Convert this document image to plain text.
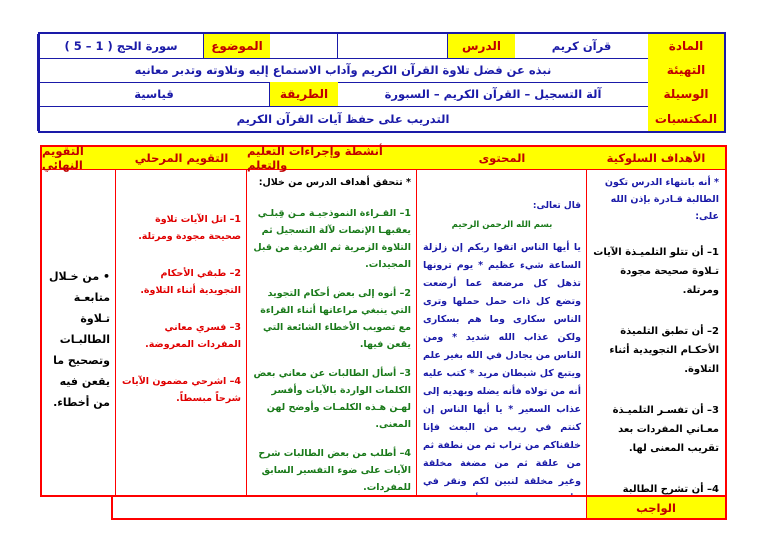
المادة
قرآن كريم
الدرس
الموضوع
سورة الحج ( 1 – 5 )
التهيئة
نبذه عن فضل تلاوة القرآن الكريم وآداب الاستماع إليه وتلاوته وتدبر معانيه
الوسيلة
آلة التسجيل – القرآن الكريم – السبورة
الطريقة
قياسية
المكتسبات
التدريب على حفظ آيات القرآن الكريم
الأهداف السلوكية

* أنه بانتهاء الدرس تكون الطالبة قـادرة بإذن الله على:

1– أن تتلو التلميـذة الآيات تـلاوة صحيحة مجودة ومرتلة.

2– أن تطبق التلميذة الأحكـام التجويدية أثناء التلاوة.

3– أن تفسـر التلميـذة معـاني المفردات بعد تقريب المعنى لها.

4– أن تشرح الطالبة

المحتوى

قال تعالى:

بسم الله الرحمن الرحيم

يا أيها الناس اتقوا ربكم إن زلزلة الساعة شيء عظيم * يوم ترونها تذهل كل مرضعة عما أرضعت وتضع كل ذات حمل حملها وترى الناس سكارى وما هم بسكارى ولكن عذاب الله شديد * ومن الناس من يجادل في الله بغير علم ويتبع كل شيطان مريد * كتب عليه أنه من تولاه فأنه يضله ويهديه إلى عذاب السعير * يا أيها الناس إن كنتم في ريب من البعث فإنا خلقناكم من تراب ثم من نطفة ثم من علقة ثم من مضغة مخلقة وغير مخلقة لنبين لكم ونقر في

أنشطة وإجراءات التعليم والتعلم

* تتحقق أهداف الدرس من خلال:

1– القـراءة النموذجيـة مـن قِبلـي يعقبهـا الإنصات لآلة التسجيل ثم التلاوة الزمرية ثم الفردية من قبل المجيدات.

2– أنوه إلى بعض أحكام التجويد التي ينبغي مراعاتها أثناء القراءة مع تصويب الأخطاء الشائعة التي يقعن فيها.

3– أسأل الطالبات عن معاني بعض الكلمات الواردة بالآيات وأفسر لهـن هـذه الكلمـات وأوضح لهن المعنى.

4– أطلب من بعض الطالبات شرح الآيات على ضوء التفسير السابق للمفردات.

التقويم المرحلي

1– اتل الآيات تلاوة صحيحة مجودة ومرتلة.

2– طبقي الأحكام التجويدية أثناء التلاوة.

3– فسري معاني المفردات المعروضة.

4– اشرحي مضمون الآيات شرحاً مبسطاً.

التقويم النهائي

• من خـلال متابعـة تـلاوة الطالبـات وتصحيح ما يقعن فيه من أخطاء.

الواجب
